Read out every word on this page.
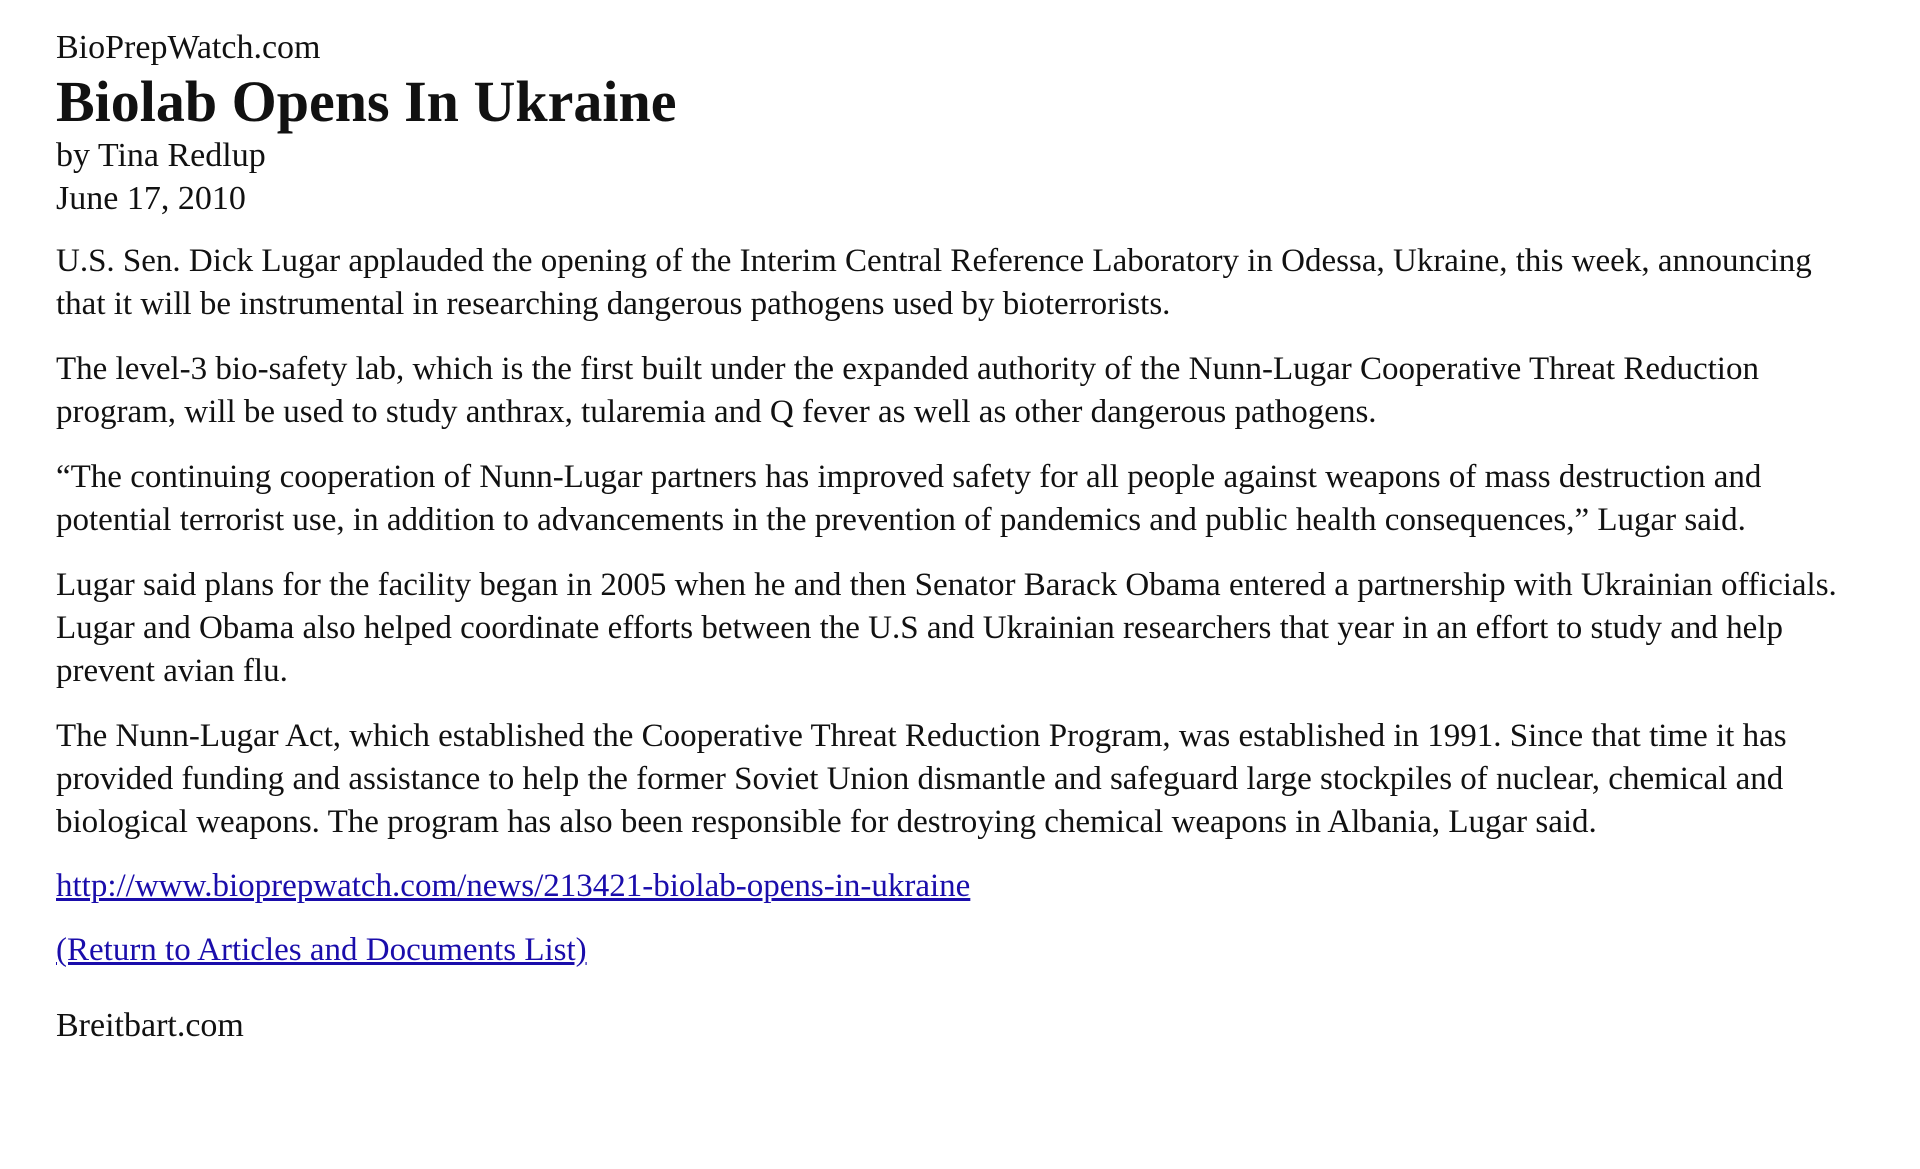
BioPrepWatch.com
Biolab Opens In Ukraine
by Tina Redlup
June 17, 2010

U.S. Sen. Dick Lugar applauded the opening of the Interim Central Reference Laboratory in Odessa, Ukraine, this week, announcing that it will be instrumental in researching dangerous pathogens used by bioterrorists.

The level-3 bio-safety lab, which is the first built under the expanded authority of the Nunn-Lugar Cooperative Threat Reduction program, will be used to study anthrax, tularemia and Q fever as well as other dangerous pathogens.

“The continuing cooperation of Nunn-Lugar partners has improved safety for all people against weapons of mass destruction and potential terrorist use, in addition to advancements in the prevention of pandemics and public health consequences,” Lugar said.

Lugar said plans for the facility began in 2005 when he and then Senator Barack Obama entered a partnership with Ukrainian officials. Lugar and Obama also helped coordinate efforts between the U.S and Ukrainian researchers that year in an effort to study and help prevent avian flu.

The Nunn-Lugar Act, which established the Cooperative Threat Reduction Program, was established in 1991. Since that time it has provided funding and assistance to help the former Soviet Union dismantle and safeguard large stockpiles of nuclear, chemical and biological weapons. The program has also been responsible for destroying chemical weapons in Albania, Lugar said.

http://www.bioprepwatch.com/news/213421-biolab-opens-in-ukraine
(Return to Articles and Documents List)
Breitbart.com
